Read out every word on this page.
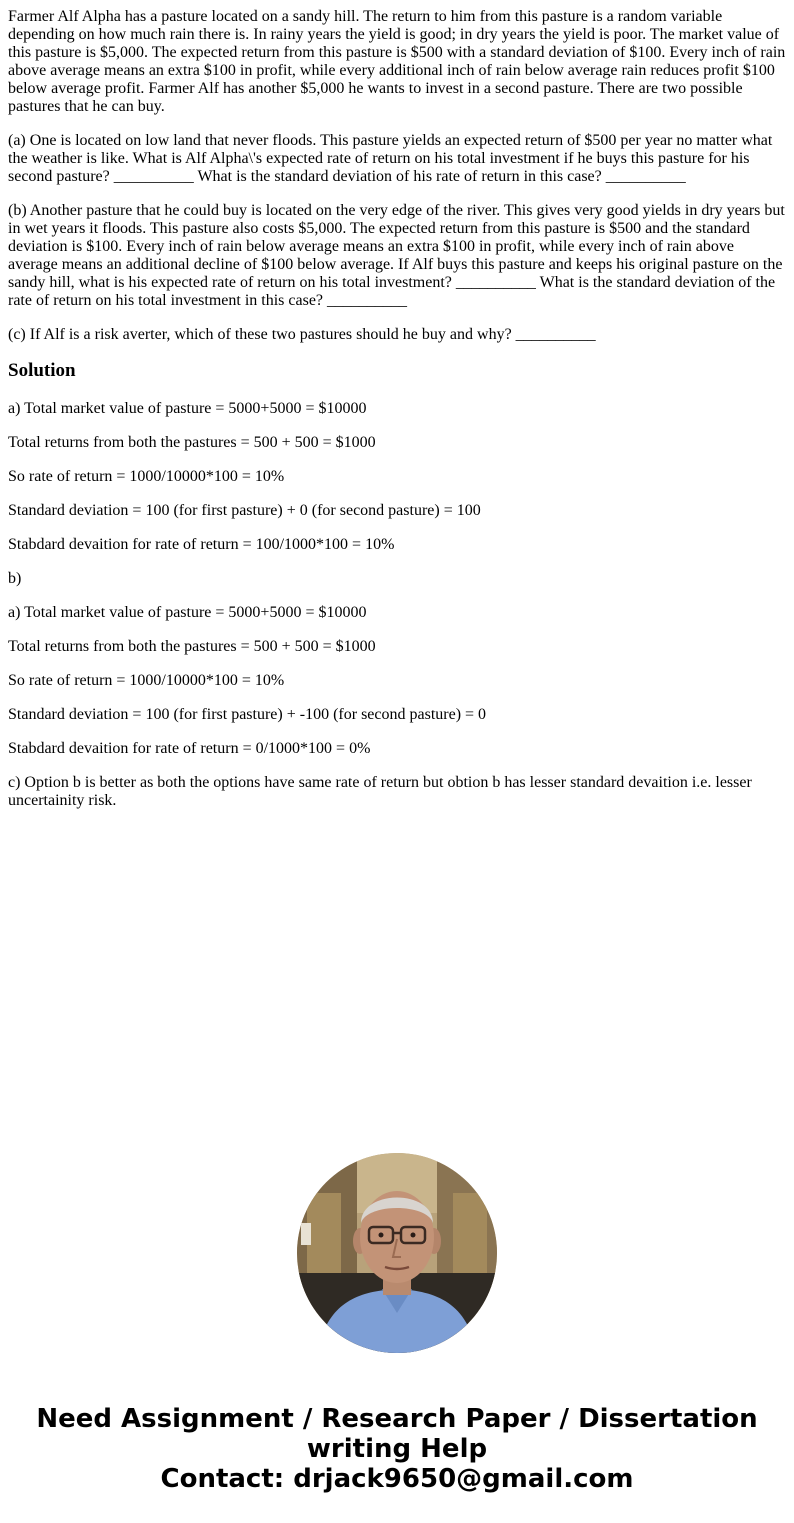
Farmer Alf Alpha has a pasture located on a sandy hill. The return to him from this pasture is a random variable depending on how much rain there is. In rainy years the yield is good; in dry years the yield is poor. The market value of this pasture is $5,000. The expected return from this pasture is $500 with a standard deviation of $100. Every inch of rain above average means an extra $100 in profit, while every additional inch of rain below average rain reduces profit $100 below average profit. Farmer Alf has another $5,000 he wants to invest in a second pasture. There are two possible pastures that he can buy.

(a) One is located on low land that never floods. This pasture yields an expected return of $500 per year no matter what the weather is like. What is Alf Alpha\'s expected rate of return on his total investment if he buys this pasture for his second pasture? __________ What is the standard deviation of his rate of return in this case? __________

(b) Another pasture that he could buy is located on the very edge of the river. This gives very good yields in dry years but in wet years it floods. This pasture also costs $5,000. The expected return from this pasture is $500 and the standard deviation is $100. Every inch of rain below average means an extra $100 in profit, while every inch of rain above average means an additional decline of $100 below average. If Alf buys this pasture and keeps his original pasture on the sandy hill, what is his expected rate of return on his total investment? __________ What is the standard deviation of the rate of return on his total investment in this case? __________

(c) If Alf is a risk averter, which of these two pastures should he buy and why? __________

Solution

a) Total market value of pasture = 5000+5000 = $10000

Total returns from both the pastures = 500 + 500 = $1000

So rate of return = 1000/10000*100 = 10%

Standard deviation = 100 (for first pasture) + 0 (for second pasture) = 100

Stabdard devaition for rate of return = 100/1000*100 = 10%

b)

a) Total market value of pasture = 5000+5000 = $10000

Total returns from both the pastures = 500 + 500 = $1000

So rate of return = 1000/10000*100 = 10%

Standard deviation = 100 (for first pasture) + -100 (for second pasture) = 0

Stabdard devaition for rate of return = 0/1000*100 = 0%

c) Option b is better as both the options have same rate of return but obtion b has lesser standard devaition i.e. lesser uncertainity risk.

Need Assignment / Research Paper / Dissertation
writing Help
Contact: drjack9650@gmail.com
